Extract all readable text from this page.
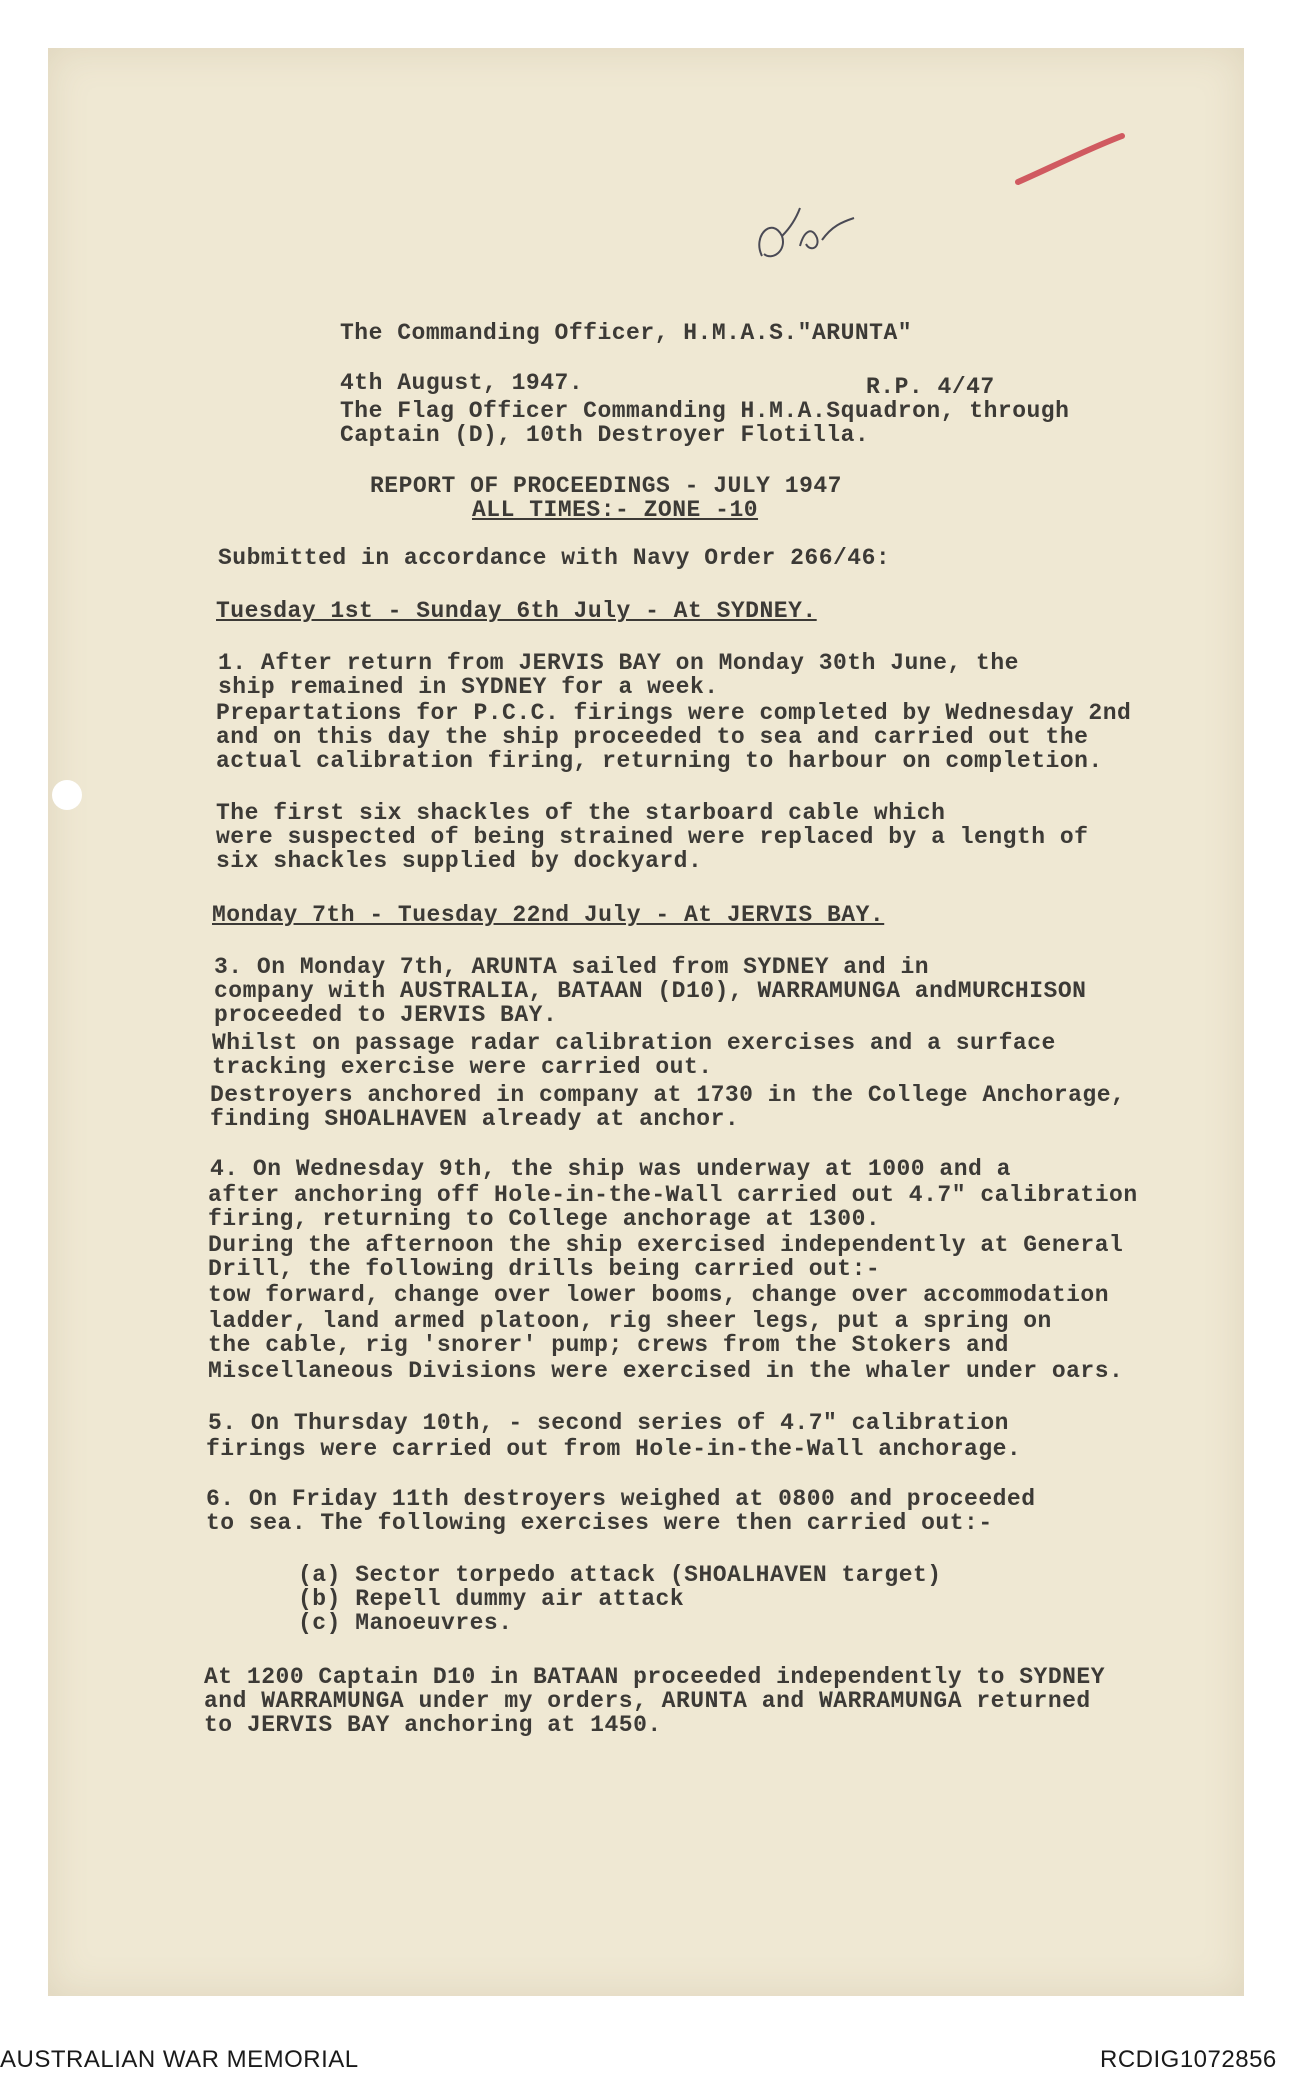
The Commanding Officer, H.M.A.S."ARUNTA"
4th August, 1947.	R.P. 4/47
The Flag Officer Commanding H.M.A.Squadron, through
Captain (D), 10th Destroyer Flotilla.
REPORT OF PROCEEDINGS - JULY 1947
ALL TIMES:- ZONE -10
Submitted in accordance with Navy Order 266/46:
Tuesday 1st - Sunday 6th July - At SYDNEY.
1. After return from JERVIS BAY on Monday 30th June, the
ship remained in SYDNEY for a week.
Prepartations for P.C.C. firings were completed by Wednesday 2nd
and on this day the ship proceeded to sea and carried out the
actual calibration firing, returning to harbour on completion.
The first six shackles of the starboard cable which
were suspected of being strained were replaced by a length of
six shackles supplied by dockyard.
Monday 7th - Tuesday 22nd July - At JERVIS BAY.
3. On Monday 7th, ARUNTA sailed from SYDNEY and in
company with AUSTRALIA, BATAAN (D10), WARRAMUNGA andMURCHISON
proceeded to JERVIS BAY.
Whilst on passage radar calibration exercises and a surface
tracking exercise were carried out.
Destroyers anchored in company at 1730 in the College Anchorage,
finding SHOALHAVEN already at anchor.
4. On Wednesday 9th, the ship was underway at 1000 and a
after anchoring off Hole-in-the-Wall carried out 4.7" calibration
firing, returning to College anchorage at 1300.
During the afternoon the ship exercised independently at General
Drill, the following drills being carried out:-
tow forward, change over lower booms, change over accommodation
ladder, land armed platoon, rig sheer legs, put a spring on
the cable, rig 'snorer' pump; crews from the Stokers and
Miscellaneous Divisions were exercised in the whaler under oars.
5. On Thursday 10th, - second series of 4.7" calibration
firings were carried out from Hole-in-the-Wall anchorage.
6. On Friday 11th destroyers weighed at 0800 and proceeded
to sea. The following exercises were then carried out:-
(a) Sector torpedo attack (SHOALHAVEN target)
(b) Repell dummy air attack
(c) Manoeuvres.
At 1200 Captain D10 in BATAAN proceeded independently to SYDNEY
and WARRAMUNGA under my orders, ARUNTA and WARRAMUNGA returned
to JERVIS BAY anchoring at 1450.
AUSTRALIAN WAR MEMORIAL	RCDIG1072856
